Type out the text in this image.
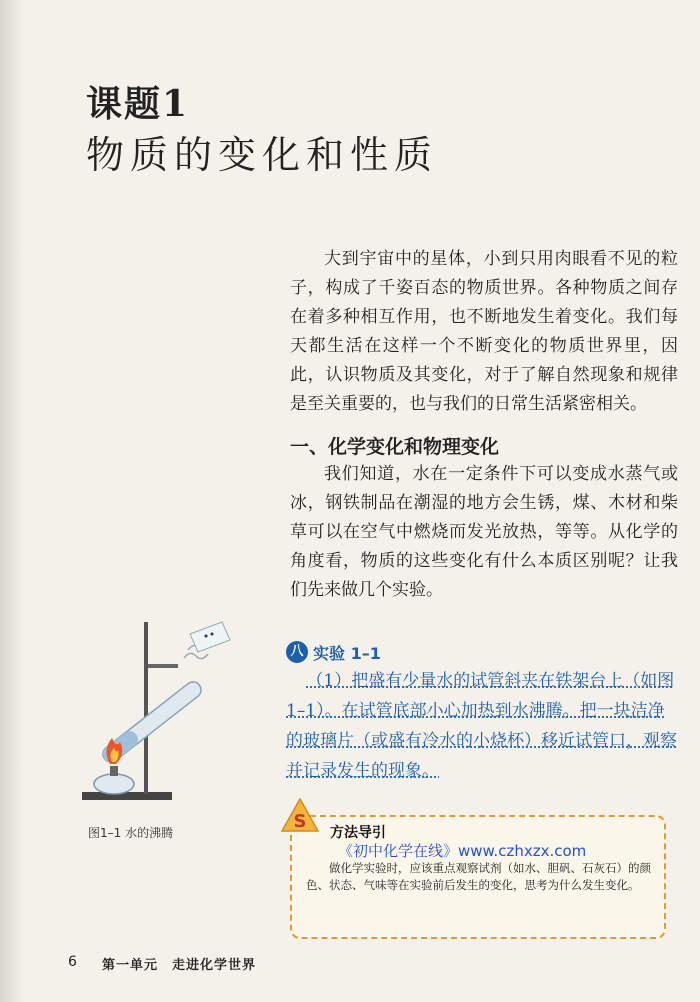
课题1
物质的变化和性质

大到宇宙中的星体，小到只用肉眼看不见的粒子，构成了千姿百态的物质世界。各种物质之间存在着多种相互作用，也不断地发生着变化。我们每天都生活在这样一个不断变化的物质世界里，因此，认识物质及其变化，对于了解自然现象和规律是至关重要的，也与我们的日常生活紧密相关。

一、化学变化和物理变化

我们知道，水在一定条件下可以变成水蒸气或冰，钢铁制品在潮湿的地方会生锈，煤、木材和柴草可以在空气中燃烧而发光放热，等等。从化学的角度看，物质的这些变化有什么本质区别呢？让我们先来做几个实验。

图1–1 水的沸腾
八 实验 1–1

（1）把盛有少量水的试管斜夹在铁架台上（如图1–1）。在试管底部小心加热到水沸腾。把一块洁净的玻璃片（或盛有冷水的小烧杯）移近试管口，观察并记录发生的现象。

S
方法导引
《初中化学在线》www.czhxzx.com

做化学实验时，应该重点观察试剂（如水、胆矾、石灰石）的颜色、状态、气味等在实验前后发生的变化，思考为什么发生变化。

6 第一单元　走进化学世界
